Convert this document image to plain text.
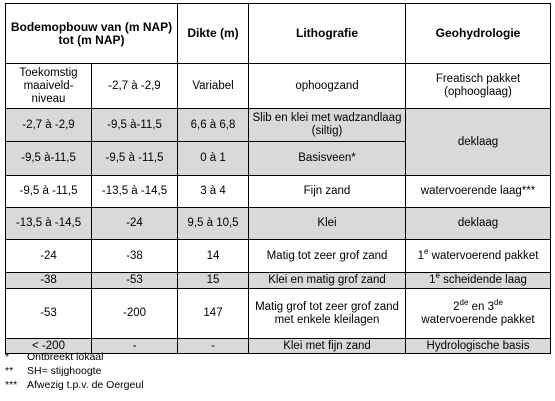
Bodemopbouw van (m NAP) tot (m NAP)		Dikte (m)	Lithografie	Geohydrologie
Toekomstig maaiveld-niveau	-2,7 à -2,9	Variabel	ophoogzand	Freatisch pakket (ophooglaag)
-2,7 à -2,9	-9,5 à-11,5	6,6 à 6,8	Slib en klei met wadzandlaag (siltig)	deklaag
-9,5 à-11,5	-9,5 à -11,5	0 à 1	Basisveen*	
-9,5 à -11,5	-13,5 à -14,5	3 à 4	Fijn zand	watervoerende laag***
-13,5 à -14,5	-24	9,5 à 10,5	Klei	deklaag
-24	-38	14	Matig tot zeer grof zand	1e watervoerend pakket
-38	-53	15	Klei en matig grof zand	1e scheidende laag
-53	-200	147	Matig grof tot zeer grof zand met enkele kleilagen	2de en 3de
watervoerende pakket
< -200	-	-	Klei met fijn zand	Hydrologische basis
*	Ontbreekt lokaal
**	SH= stijghoogte
*** Afwezig t.p.v. de Oergeul
